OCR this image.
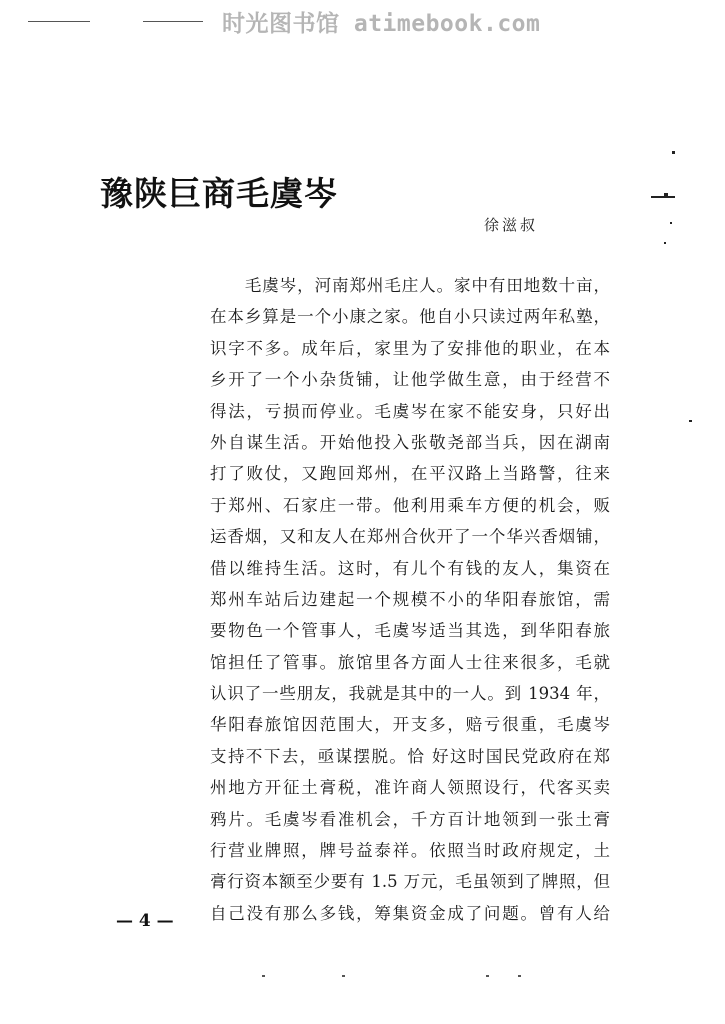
时光图书馆 atimebook.com
豫陕巨商毛虞岑
徐滋叔
　　毛虞岑，河南郑州毛庄人。家中有田地数十亩，
在本乡算是一个小康之家。他自小只读过两年私塾，
识字不多。成年后，家里为了安排他的职业，在本
乡开了一个小杂货铺，让他学做生意，由于经营不
得法，亏损而停业。毛虞岑在家不能安身，只好出
外自谋生活。开始他投入张敬尧部当兵，因在湖南
打了败仗，又跑回郑州，在平汉路上当路警，往来
于郑州、石家庄一带。他利用乘车方便的机会，贩
运香烟，又和友人在郑州合伙开了一个华兴香烟铺，
借以维持生活。这时，有儿个有钱的友人，集资在
郑州车站后边建起一个规模不小的华阳春旅馆，需
要物色一个管事人，毛虞岑适当其选，到华阳春旅
馆担任了管事。旅馆里各方面人士往来很多，毛就
认识了一些朋友，我就是其中的一人。到 1934 年，
华阳春旅馆因范围大，开支多，赔亏很重，毛虞岑
支持不下去，亟谋摆脱。恰 好这时国民党政府在郑
州地方开征土膏税，准许商人领照设行，代客买卖
鸦片。毛虞岑看准机会，千方百计地领到一张土膏
行营业牌照，牌号益泰祥。依照当时政府规定，土
膏行资本额至少要有 1.5 万元，毛虽领到了牌照，但
自己没有那么多钱，筹集资金成了问题。曾有人给
— 4 —
